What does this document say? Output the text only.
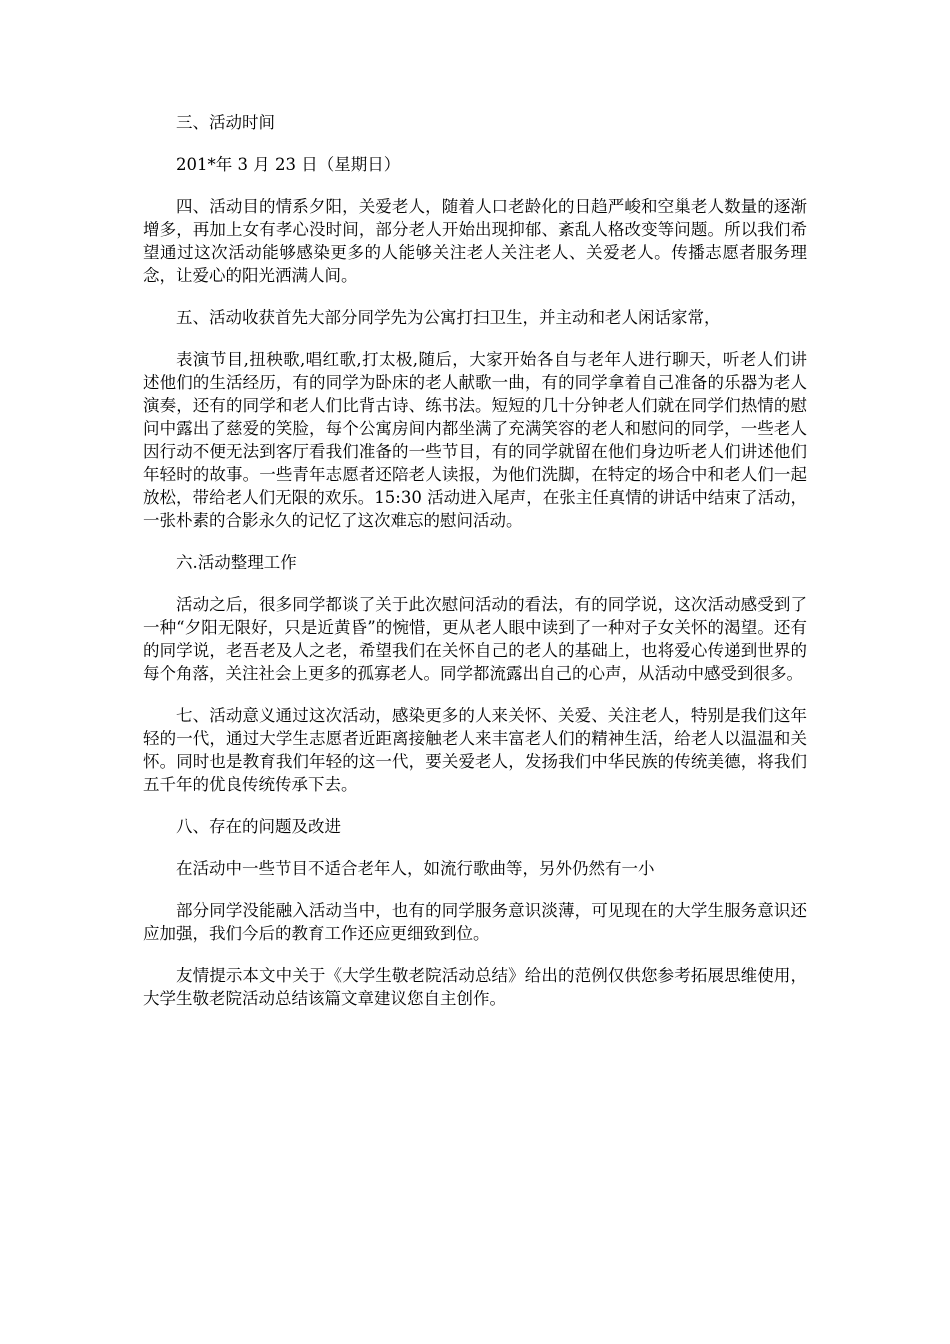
三、活动时间

201*年 3 月 23 日（星期日）

四、活动目的情系夕阳，关爱老人，随着人口老龄化的日趋严峻和空巢老人数量的逐渐增多，再加上女有孝心没时间，部分老人开始出现抑郁、紊乱人格改变等问题。所以我们希望通过这次活动能够感染更多的人能够关注老人关注老人、关爱老人。传播志愿者服务理念，让爱心的阳光洒满人间。

五、活动收获首先大部分同学先为公寓打扫卫生，并主动和老人闲话家常，

表演节目,扭秧歌,唱红歌,打太极,随后，大家开始各自与老年人进行聊天，听老人们讲述他们的生活经历，有的同学为卧床的老人献歌一曲，有的同学拿着自己准备的乐器为老人演奏，还有的同学和老人们比背古诗、练书法。短短的几十分钟老人们就在同学们热情的慰问中露出了慈爱的笑脸，每个公寓房间内都坐满了充满笑容的老人和慰问的同学，一些老人因行动不便无法到客厅看我们准备的一些节目，有的同学就留在他们身边听老人们讲述他们年轻时的故事。一些青年志愿者还陪老人读报，为他们洗脚，在特定的场合中和老人们一起放松，带给老人们无限的欢乐。15:30 活动进入尾声，在张主任真情的讲话中结束了活动，一张朴素的合影永久的记忆了这次难忘的慰问活动。

六.活动整理工作

活动之后，很多同学都谈了关于此次慰问活动的看法，有的同学说，这次活动感受到了一种“夕阳无限好，只是近黄昏”的惋惜，更从老人眼中读到了一种对子女关怀的渴望。还有的同学说，老吾老及人之老，希望我们在关怀自己的老人的基础上，也将爱心传递到世界的每个角落，关注社会上更多的孤寡老人。同学都流露出自己的心声，从活动中感受到很多。

七、活动意义通过这次活动，感染更多的人来关怀、关爱、关注老人，特别是我们这年轻的一代，通过大学生志愿者近距离接触老人来丰富老人们的精神生活，给老人以温温和关怀。同时也是教育我们年轻的这一代，要关爱老人，发扬我们中华民族的传统美德，将我们五千年的优良传统传承下去。

八、存在的问题及改进

在活动中一些节目不适合老年人，如流行歌曲等，另外仍然有一小

部分同学没能融入活动当中，也有的同学服务意识淡薄，可见现在的大学生服务意识还应加强，我们今后的教育工作还应更细致到位。

友情提示本文中关于《大学生敬老院活动总结》给出的范例仅供您参考拓展思维使用，大学生敬老院活动总结该篇文章建议您自主创作。
